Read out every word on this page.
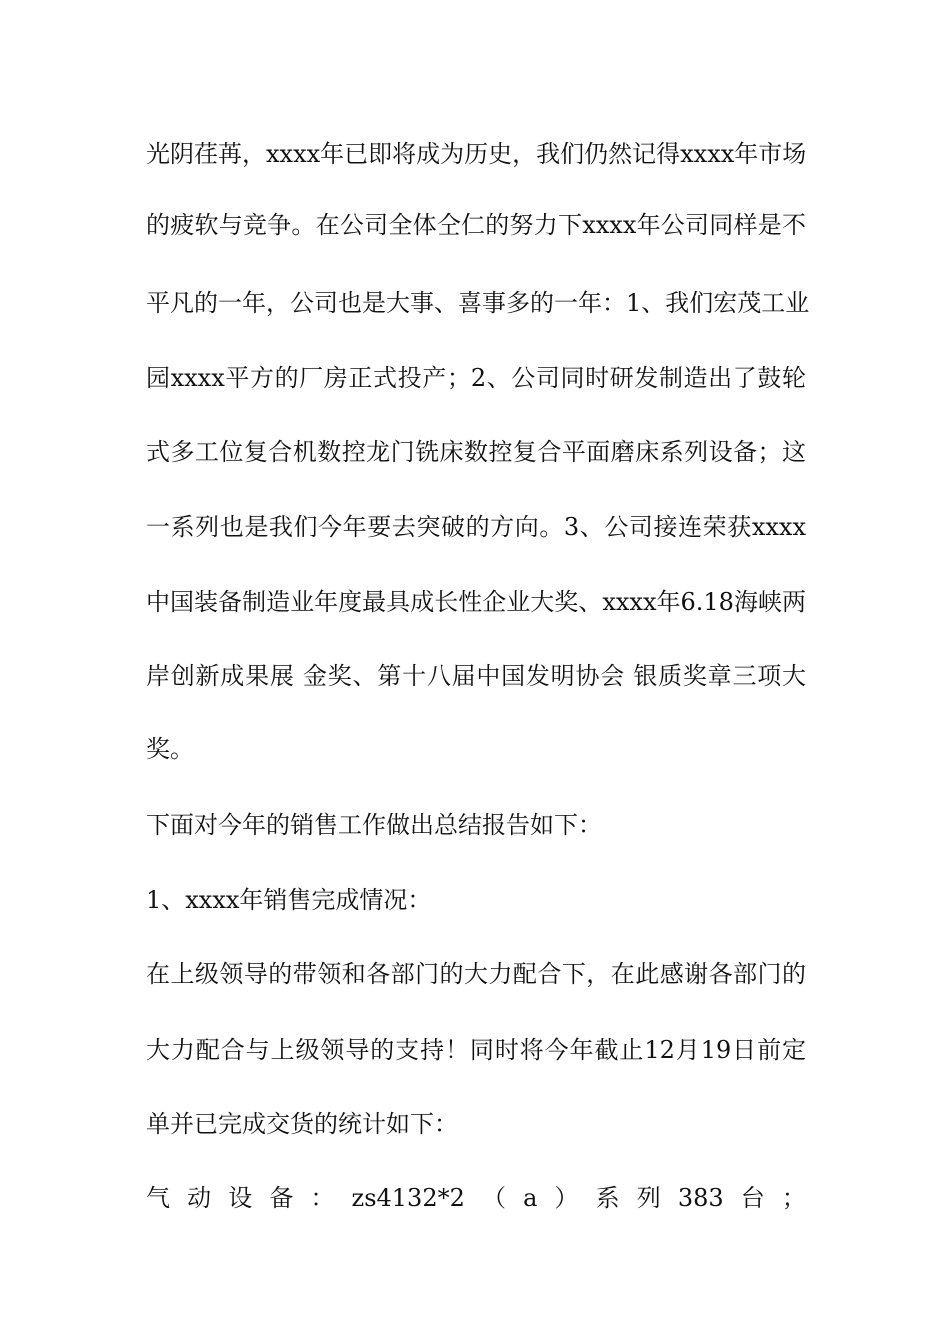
光阴荏苒，xxxx年已即将成为历史，我们仍然记得xxxx年市场
的疲软与竞争。在公司全体仝仁的努力下xxxx年公司同样是不
平凡的一年，公司也是大事、喜事多的一年：1、我们宏茂工业
园xxxx平方的厂房正式投产；2、公司同时研发制造出了鼓轮
式多工位复合机数控龙门铣床数控复合平面磨床系列设备；这
一系列也是我们今年要去突破的方向。3、公司接连荣获xxxx
中国装备制造业年度最具成长性企业大奖、xxxx年6.18海峡两
岸创新成果展 金奖、第十八届中国发明协会 银质奖章三项大
奖。
下面对今年的销售工作做出总结报告如下：
1、xxxx年销售完成情况：
在上级领导的带领和各部门的大力配合下，在此感谢各部门的
大力配合与上级领导的支持！同时将今年截止12月19日前定
单并已完成交货的统计如下：
气 动 设 备 ： zs4132*2 （ a ） 系 列 383 台 ；
